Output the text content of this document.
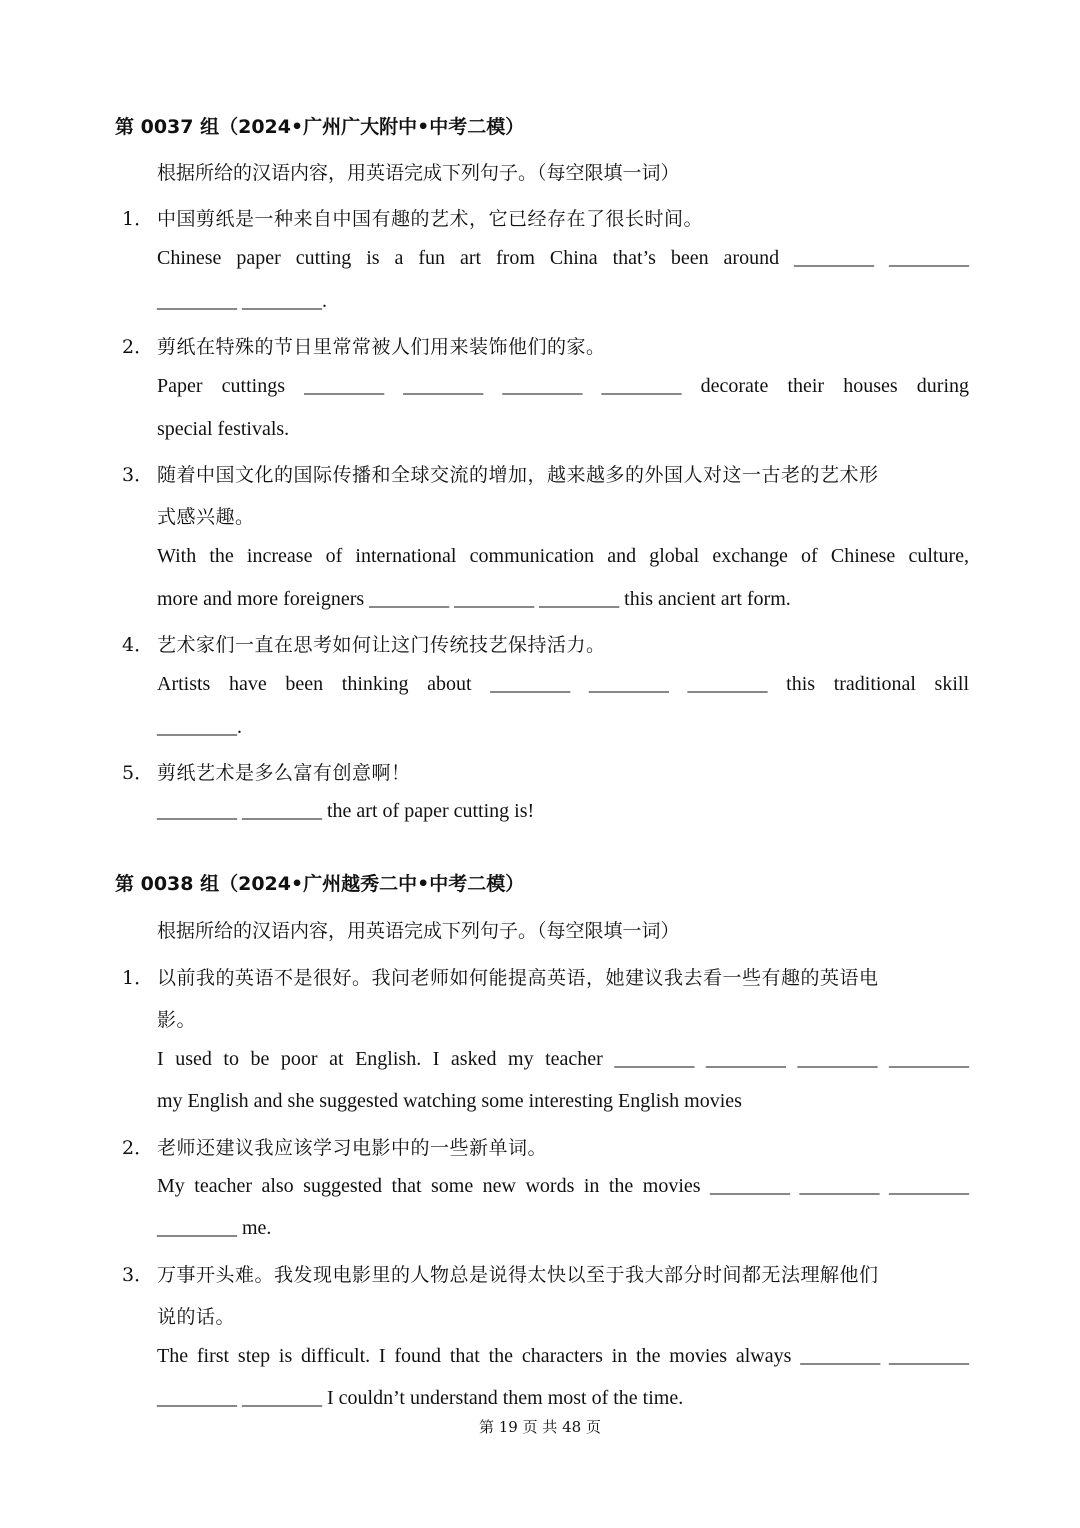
第 0037 组（2024•广州广大附中•中考二模）
根据所给的汉语内容，用英语完成下列句子。（每空限填一词）
1． 中国剪纸是一种来自中国有趣的艺术，它已经存在了很长时间。
Chinese paper cutting is a fun art from China that’s been around ________ ________
________ ________.
2． 剪纸在特殊的节日里常常被人们用来装饰他们的家。
Paper cuttings ________ ________ ________ ________ decorate their houses during
special festivals.
3． 随着中国文化的国际传播和全球交流的增加，越来越多的外国人对这一古老的艺术形
式感兴趣。
With the increase of international communication and global exchange of Chinese culture,
more and more foreigners ________ ________ ________ this ancient art form.
4． 艺术家们一直在思考如何让这门传统技艺保持活力。
Artists have been thinking about ________ ________ ________ this traditional skill
________.
5． 剪纸艺术是多么富有创意啊！
________ ________ the art of paper cutting is!
第 0038 组（2024•广州越秀二中•中考二模）
根据所给的汉语内容，用英语完成下列句子。（每空限填一词）
1． 以前我的英语不是很好。我问老师如何能提高英语，她建议我去看一些有趣的英语电
影。
I used to be poor at English. I asked my teacher ________ ________ ________ ________
my English and she suggested watching some interesting English movies
2． 老师还建议我应该学习电影中的一些新单词。
My teacher also suggested that some new words in the movies ________ ________ ________
________ me.
3． 万事开头难。我发现电影里的人物总是说得太快以至于我大部分时间都无法理解他们
说的话。
The first step is difficult. I found that the characters in the movies always ________ ________
________ ________ I couldn’t understand them most of the time.
第 19 页 共 48 页
